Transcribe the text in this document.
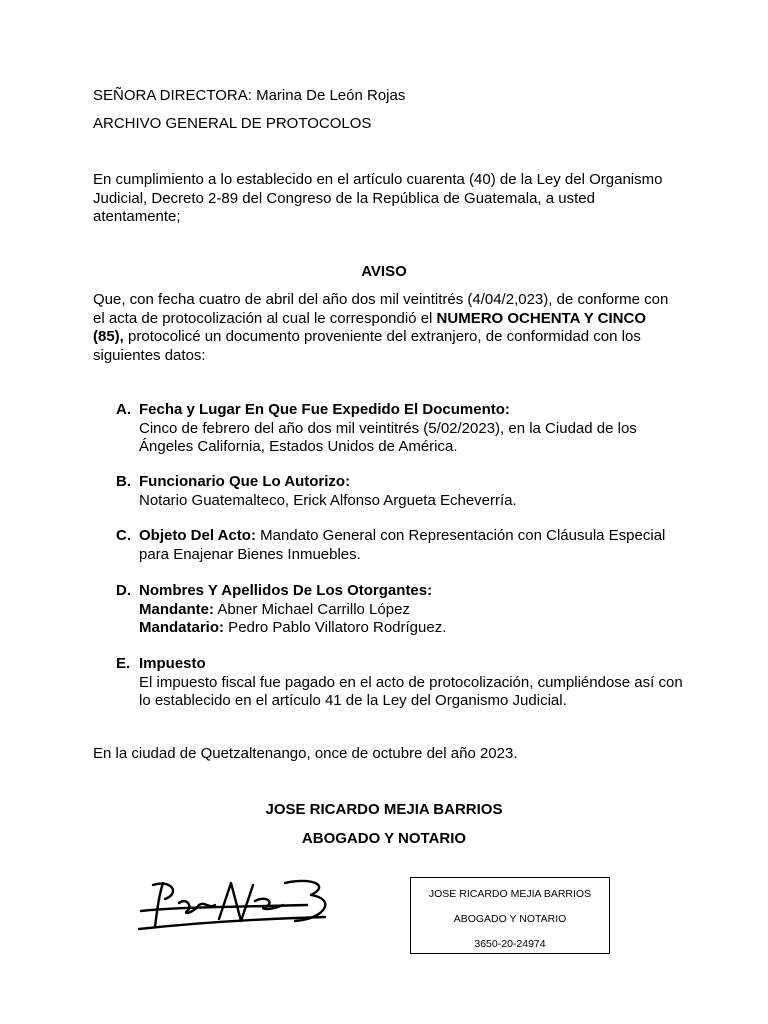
SEÑORA DIRECTORA: Marina De León Rojas

ARCHIVO GENERAL DE PROTOCOLOS

En cumplimiento a lo establecido en el artículo cuarenta (40) de la Ley del Organismo Judicial, Decreto 2-89 del Congreso de la República de Guatemala, a usted atentamente;

AVISO

Que, con fecha cuatro de abril del año dos mil veintitrés (4/04/2,023), de conforme con el acta de protocolización al cual le correspondió el NUMERO OCHENTA Y CINCO (85), protocolicé un documento proveniente del extranjero, de conformidad con los siguientes datos:

A. Fecha y Lugar En Que Fue Expedido El Documento:
Cinco de febrero del año dos mil veintitrés (5/02/2023), en la Ciudad de los Ángeles California, Estados Unidos de América.
B. Funcionario Que Lo Autorizo:
Notario Guatemalteco, Erick Alfonso Argueta Echeverría.
C. Objeto Del Acto: Mandato General con Representación con Cláusula Especial para Enajenar Bienes Inmuebles.
D. Nombres Y Apellidos De Los Otorgantes:
Mandante: Abner Michael Carrillo López
Mandatario: Pedro Pablo Villatoro Rodríguez.
E. Impuesto
El impuesto fiscal fue pagado en el acto de protocolización, cumpliéndose así con lo establecido en el artículo 41 de la Ley del Organismo Judicial.

En la ciudad de Quetzaltenango, once de octubre del año 2023.

JOSE RICARDO MEJIA BARRIOS

ABOGADO Y NOTARIO

JOSE RICARDO MEJIA BARRIOS
ABOGADO Y NOTARIO
3650-20-24974
